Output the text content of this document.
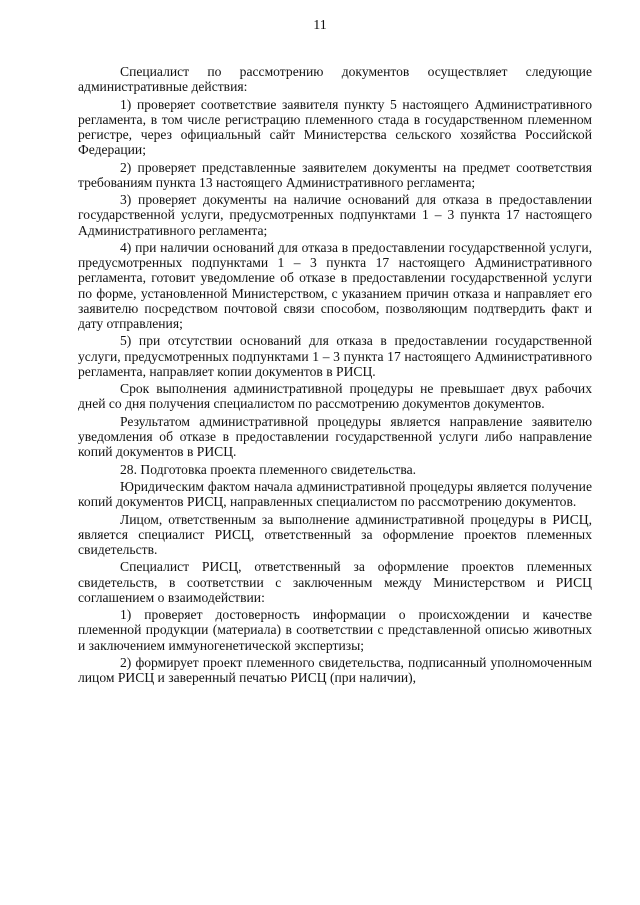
11

Специалист по рассмотрению документов осуществляет следующие административные действия:

1) проверяет соответствие заявителя пункту 5 настоящего Административного регламента, в том числе регистрацию племенного стада в государственном племенном регистре, через официальный сайт Министерства сельского хозяйства Российской Федерации;

2) проверяет представленные заявителем документы на предмет соответствия требованиям пункта 13 настоящего Административного регламента;

3) проверяет документы на наличие оснований для отказа в предоставлении государственной услуги, предусмотренных подпунктами 1 – 3 пункта 17 настоящего Административного регламента;

4) при наличии оснований для отказа в предоставлении государственной услуги, предусмотренных подпунктами 1 – 3 пункта 17 настоящего Административного регламента, готовит уведомление об отказе в предоставлении государственной услуги по форме, установленной Министерством, с указанием причин отказа и направляет его заявителю посредством почтовой связи способом, позволяющим подтвердить факт и дату отправления;

5) при отсутствии оснований для отказа в предоставлении государственной услуги, предусмотренных подпунктами 1 – 3 пункта 17 настоящего Административного регламента, направляет копии документов в РИСЦ.

Срок выполнения административной процедуры не превышает двух рабочих дней со дня получения специалистом по рассмотрению документов документов.

Результатом административной процедуры является направление заявителю уведомления об отказе в предоставлении государственной услуги либо направление копий документов в РИСЦ.

28. Подготовка проекта племенного свидетельства.

Юридическим фактом начала административной процедуры является получение копий документов РИСЦ, направленных специалистом по рассмотрению документов.

Лицом, ответственным за выполнение административной процедуры в РИСЦ, является специалист РИСЦ, ответственный за оформление проектов племенных свидетельств.

Специалист РИСЦ, ответственный за оформление проектов племенных свидетельств, в соответствии с заключенным между Министерством и РИСЦ соглашением о взаимодействии:

1) проверяет достоверность информации о происхождении и качестве племенной продукции (материала) в соответствии с представленной описью животных и заключением иммуногенетической экспертизы;

2) формирует проект племенного свидетельства, подписанный уполномоченным лицом РИСЦ и заверенный печатью РИСЦ (при наличии),
